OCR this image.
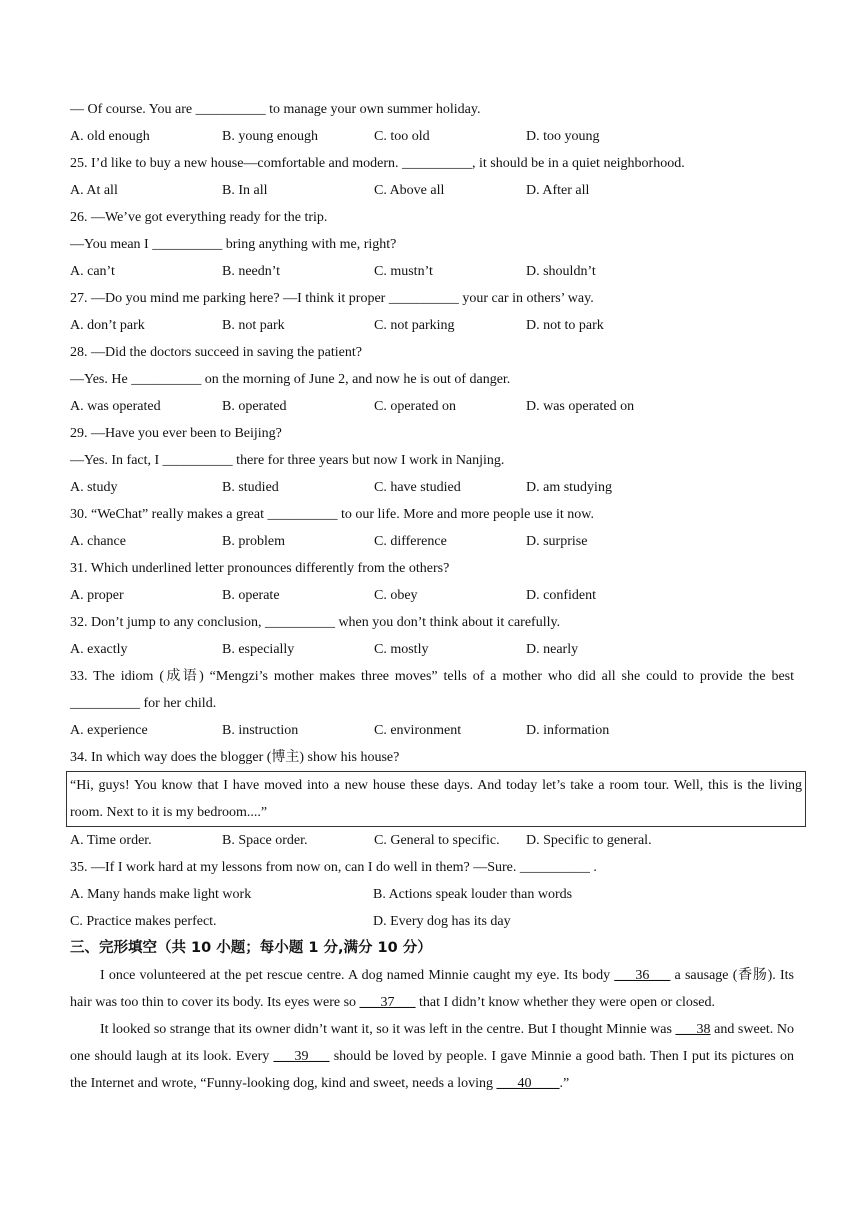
— Of course. You are __________ to manage your own summer holiday.
A. old enough	B. young enough	C. too old	D. too young
25. I’d like to buy a new house—comfortable and modern. __________, it should be in a quiet neighborhood.
A. At all	B. In all	C. Above all	D. After all
26. —We’ve got everything ready for the trip.
—You mean I __________ bring anything with me, right?
A. can’t	B. needn’t	C. mustn’t	D. shouldn’t
27. —Do you mind me parking here? —I think it proper __________ your car in others’ way.
A. don’t park	B. not park	C. not parking	D. not to park
28. —Did the doctors succeed in saving the patient?
—Yes. He __________ on the morning of June 2, and now he is out of danger.
A. was operated	B. operated	C. operated on	D. was operated on
29. —Have you ever been to Beijing?
—Yes. In fact, I __________ there for three years but now I work in Nanjing.
A. study	B. studied	C. have studied	D. am studying
30. “WeChat” really makes a great __________ to our life. More and more people use it now.
A. chance	B. problem	C. difference	D. surprise
31. Which underlined letter pronounces differently from the others?
A. proper	B. operate	C. obey	D. confident
32. Don’t jump to any conclusion, __________ when you don’t think about it carefully.
A. exactly	B. especially	C. mostly	D. nearly
33. The idiom (成语) “Mengzi’s mother makes three moves” tells of a mother who did all she could to provide the best __________ for her child.
A. experience	B. instruction	C. environment	D. information
34. In which way does the blogger (博主) show his house?
“Hi, guys! You know that I have moved into a new house these days. And today let’s take a room tour. Well, this is the living room. Next to it is my bedroom....”
A. Time order.	B. Space order.	C. General to specific.	D. Specific to general.
35. —If I work hard at my lessons from now on, can I do well in them? —Sure. __________ .
A. Many hands make light work	B. Actions speak louder than words
C. Practice makes perfect.	D. Every dog has its day
三、完形填空（共 10 小题；每小题 1 分,满分 10 分）
I once volunteered at the pet rescue centre. A dog named Minnie caught my eye. Its body ___36___ a sausage (香肠). Its hair was too thin to cover its body. Its eyes were so ___37___ that I didn’t know whether they were open or closed.
It looked so strange that its owner didn’t want it, so it was left in the centre. But I thought Minnie was ___38 and sweet. No one should laugh at its look. Every ___39___ should be loved by people. I gave Minnie a good bath. Then I put its pictures on the Internet and wrote, “Funny-looking dog, kind and sweet, needs a loving ___40____.”
